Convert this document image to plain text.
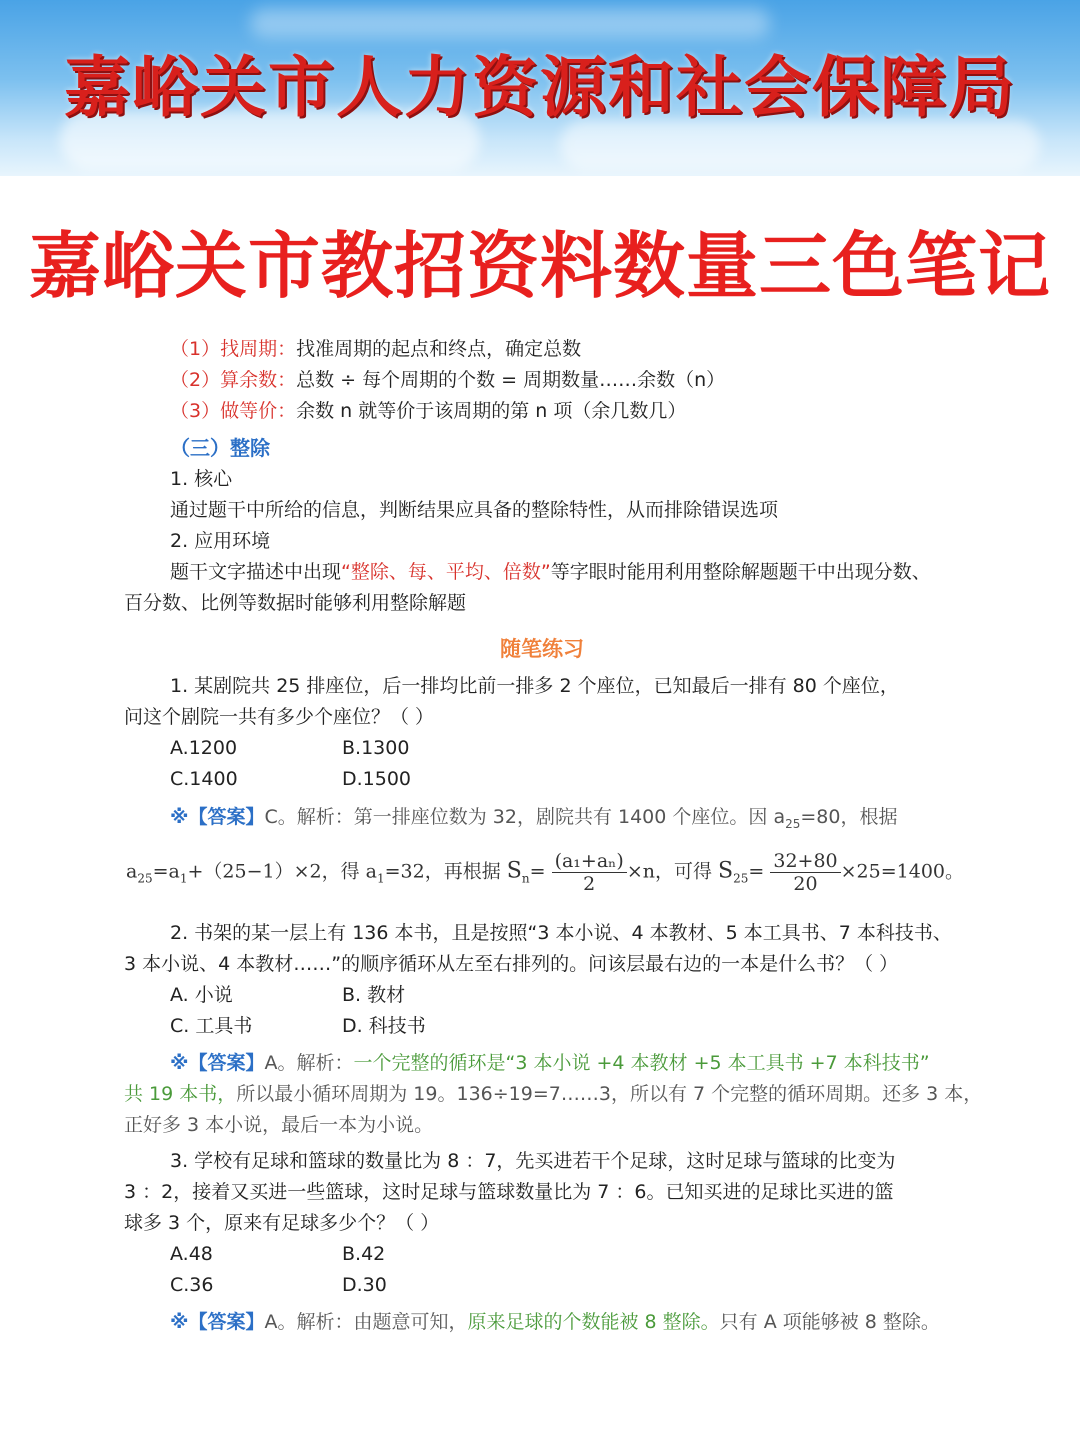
嘉峪关市人力资源和社会保障局
嘉峪关市教招资料数量三色笔记
（1）找周期：找准周期的起点和终点，确定总数
（2）算余数：总数 ÷ 每个周期的个数 = 周期数量……余数（n）
（3）做等价：余数 n 就等价于该周期的第 n 项（余几数几）
（三）整除
1. 核心
通过题干中所给的信息，判断结果应具备的整除特性，从而排除错误选项
2. 应用环境
题干文字描述中出现“整除、每、平均、倍数”等字眼时能用利用整除解题题干中出现分数、
百分数、比例等数据时能够利用整除解题
随笔练习
1. 某剧院共 25 排座位，后一排均比前一排多 2 个座位，已知最后一排有 80 个座位，
问这个剧院一共有多少个座位？（ ）
A.1200	B.1300
C.1400	D.1500
※【答案】C。解析：第一排座位数为 32，剧院共有 1400 个座位。因 $a_{25}=80$，根据
$a_{25}=a_1+(25-1)\times 2$，得 $a_1=32$，再根据 $S_n= \frac{\text{(a₁+aₙ)}}{2} \times n$，可得 $S_{25}= \frac{32+80}{20} \times 25=1400$。
2. 书架的某一层上有 136 本书，且是按照“3 本小说、4 本教材、5 本工具书、7 本科技书、
3 本小说、4 本教材……”的顺序循环从左至右排列的。问该层最右边的一本是什么书？（ ）
A. 小说	B. 教材
C. 工具书	D. 科技书
※【答案】A。解析：一个完整的循环是“3 本小说 +4 本教材 +5 本工具书 +7 本科技书”
共 19 本书，所以最小循环周期为 19。136÷19=7……3，所以有 7 个完整的循环周期。还多 3 本，
正好多 3 本小说，最后一本为小说。
3. 学校有足球和篮球的数量比为 8 ：7，先买进若干个足球，这时足球与篮球的比变为
3 ：2，接着又买进一些篮球，这时足球与篮球数量比为 7 ：6。已知买进的足球比买进的篮
球多 3 个，原来有足球多少个？（ ）
A.48	B.42
C.36	D.30
※【答案】A。解析：由题意可知，原来足球的个数能被 8 整除。只有 A 项能够被 8 整除。
